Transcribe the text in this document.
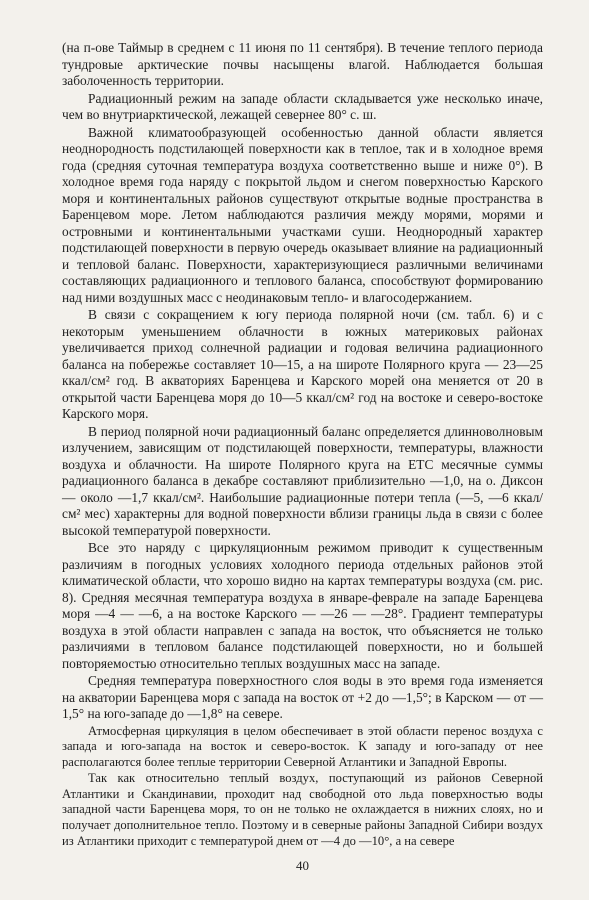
(на п-ове Таймыр в среднем с 11 июня по 11 сентября). В течение теплого периода тундровые арктические почвы насыщены влагой. Наблюдается большая заболоченность территории.

Радиационный режим на западе области складывается уже несколько иначе, чем во внутриарктической, лежащей севернее 80° с. ш.

Важной климатообразующей особенностью данной области является неоднородность подстилающей поверхности как в теплое, так и в холодное время года (средняя суточная температура воздуха соответственно выше и ниже 0°). В холодное время года наряду с покрытой льдом и снегом поверхностью Карского моря и континентальных районов существуют открытые водные пространства в Баренцевом море. Летом наблюдаются различия между морями, морями и островными и континентальными участками суши. Неоднородный характер подстилающей поверхности в первую очередь оказывает влияние на радиационный и тепловой баланс. Поверхности, характеризующиеся различными величинами составляющих радиационного и теплового баланса, способствуют формированию над ними воздушных масс с неодинаковым тепло- и влагосодержанием.

В связи с сокращением к югу периода полярной ночи (см. табл. 6) и с некоторым уменьшением облачности в южных материковых районах увеличивается приход солнечной радиации и годовая величина радиационного баланса на побережье составляет 10—15, а на широте Полярного круга — 23—25 ккал/см² год. В акваториях Баренцева и Карского морей она меняется от 20 в открытой части Баренцева моря до 10—5 ккал/см² год на востоке и северо-востоке Карского моря.

В период полярной ночи радиационный баланс определяется длинноволновым излучением, зависящим от подстилающей поверхности, температуры, влажности воздуха и облачности. На широте Полярного круга на ЕТС месячные суммы радиационного баланса в декабре составляют приблизительно —1,0, на о. Диксон — около —1,7 ккал/см². Наибольшие радиационные потери тепла (—5, —6 ккал/см² мес) характерны для водной поверхности вблизи границы льда в связи с более высокой температурой поверхности.

Все это наряду с циркуляционным режимом приводит к существенным различиям в погодных условиях холодного периода отдельных районов этой климатической области, что хорошо видно на картах температуры воздуха (см. рис. 8). Средняя месячная температура воздуха в январе-феврале на западе Баренцева моря —4 — —6, а на востоке Карского — —26 — —28°. Градиент температуры воздуха в этой области направлен с запада на восток, что объясняется не только различиями в тепловом балансе подстилающей поверхности, но и большей повторяемостью относительно теплых воздушных масс на западе.

Средняя температура поверхностного слоя воды в это время года изменяется на акватории Баренцева моря с запада на восток от +2 до —1,5°; в Карском — от —1,5° на юго-западе до —1,8° на севере.

Атмосферная циркуляция в целом обеспечивает в этой области перенос воздуха с запада и юго-запада на восток и северо-восток. К западу и юго-западу от нее располагаются более теплые территории Северной Атлантики и Западной Европы.

Так как относительно теплый воздух, поступающий из районов Северной Атлантики и Скандинавии, проходит над свободной ото льда поверхностью воды западной части Баренцева моря, то он не только не охлаждается в нижних слоях, но и получает дополнительное тепло. Поэтому и в северные районы Западной Сибири воздух из Атлантики приходит с температурой днем от —4 до —10°, а на севере

40
